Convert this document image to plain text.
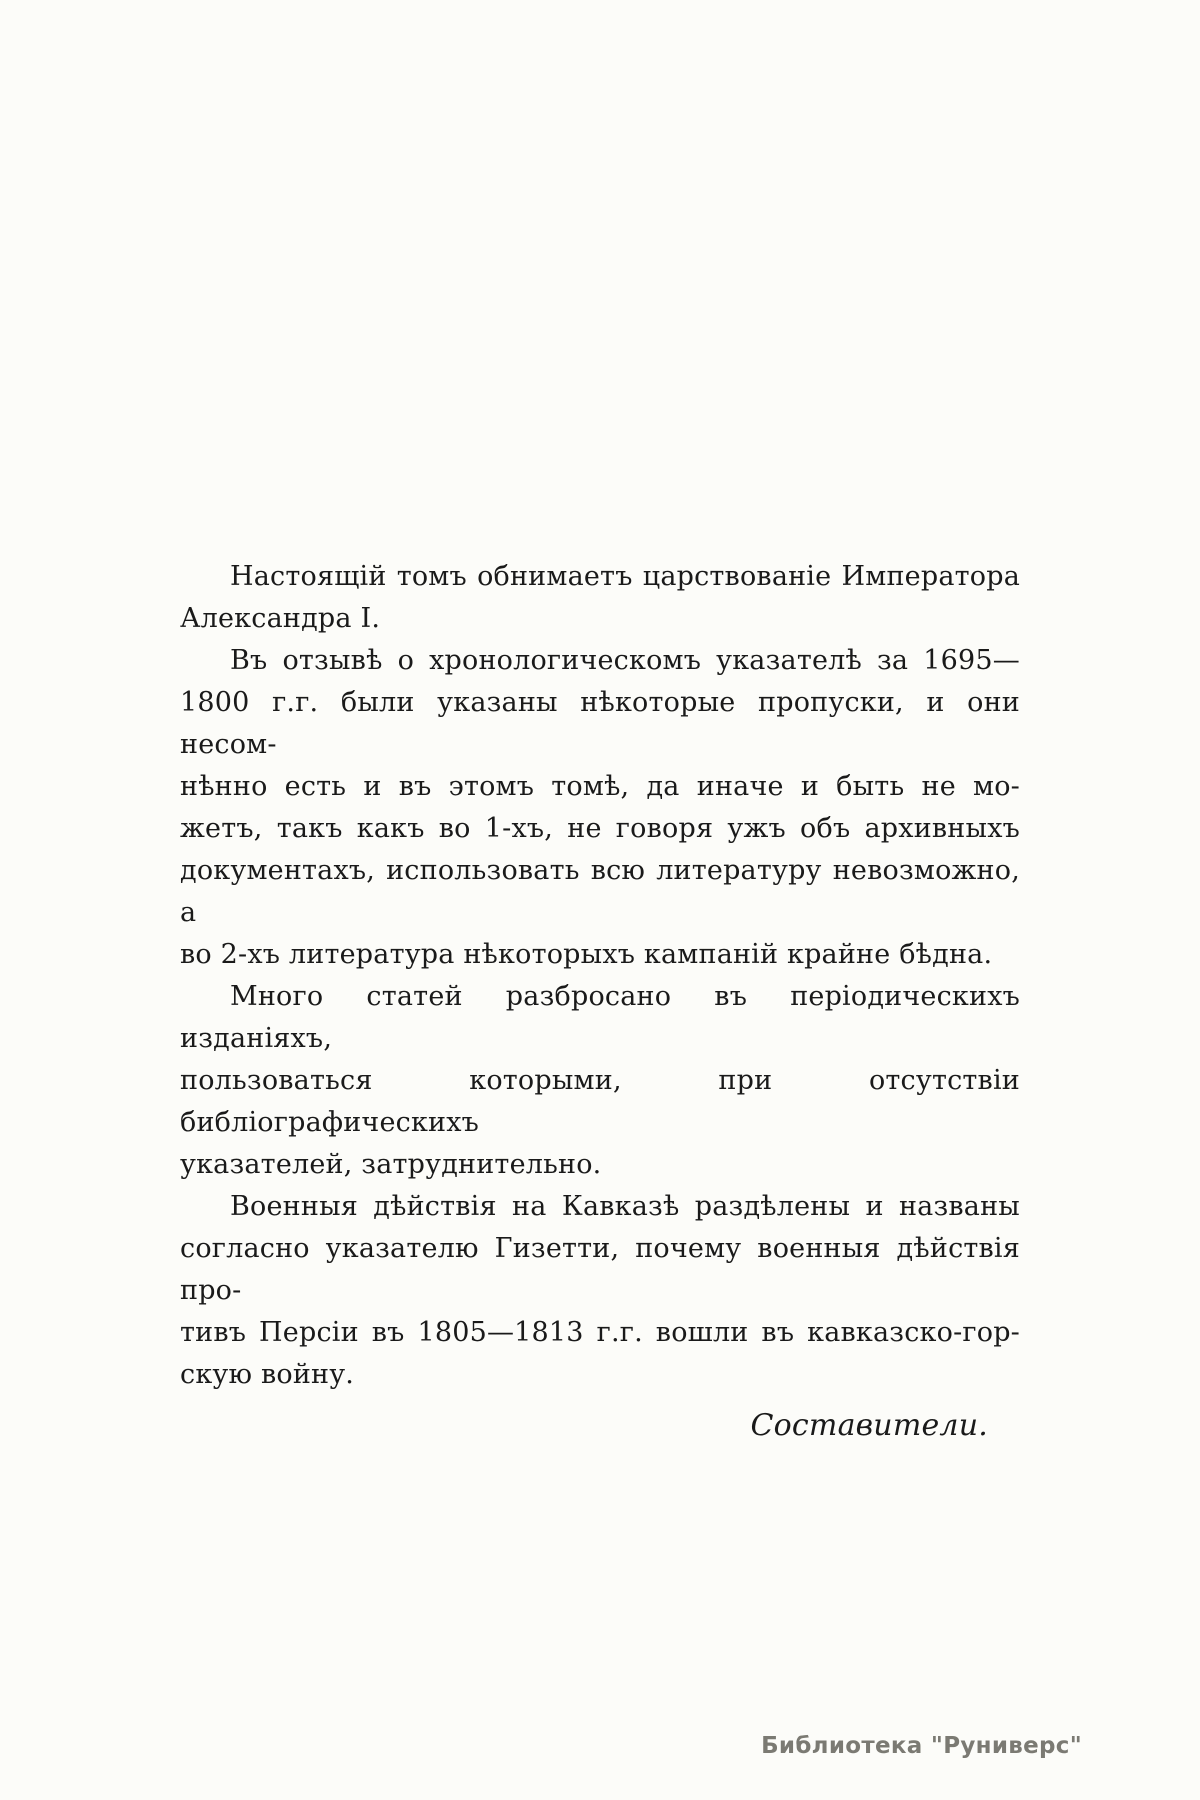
Настоящій томъ обнимаетъ царствованіе Императора
Александра I.
Въ отзывѣ о хронологическомъ указателѣ за 1695—
1800 г.г. были указаны нѣкоторые пропуски, и они несом-
нѣнно есть и въ этомъ томѣ, да иначе и быть не мо-
жетъ, такъ какъ во 1-хъ, не говоря ужъ объ архивныхъ
документахъ, использовать всю литературу невозможно, а
во 2-хъ литература нѣкоторыхъ кампаній крайне бѣдна.
Много статей разбросано въ періодическихъ изданіяхъ,
пользоваться которыми, при отсутствіи библіографическихъ
указателей, затруднительно.
Военныя дѣйствія на Кавказѣ раздѣлены и названы
согласно указателю Гизетти, почему военныя дѣйствія про-
тивъ Персіи въ 1805—1813 г.г. вошли въ кавказско-гор-
скую войну.
Составители.
Библиотека "Руниверс"
